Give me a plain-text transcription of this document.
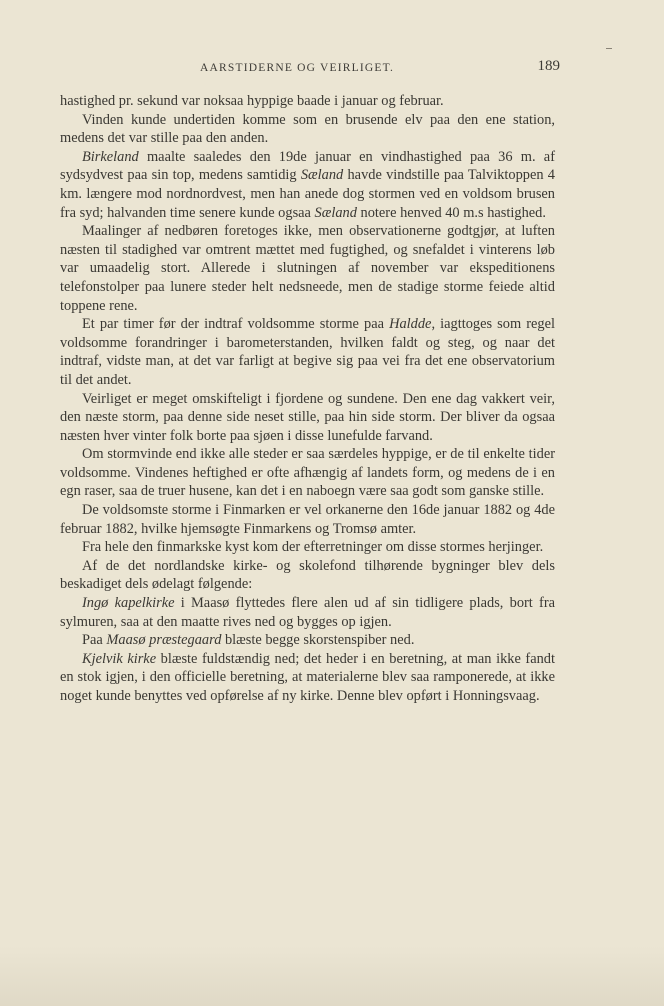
AARSTIDERNE OG VEIRLIGET.	189

hastighed pr. sekund var noksaa hyppige baade i januar og februar.

Vinden kunde undertiden komme som en brusende elv paa den ene station, medens det var stille paa den anden.

Birkeland maalte saaledes den 19de januar en vindhastighed paa 36 m. af sydsydvest paa sin top, medens samtidig Sæland havde vindstille paa Talviktoppen 4 km. længere mod nordnordvest, men han anede dog stormen ved en voldsom brusen fra syd; halvanden time senere kunde ogsaa Sæland notere henved 40 m.s hastighed.

Maalinger af nedbøren foretoges ikke, men observationerne godtgjør, at luften næsten til stadighed var omtrent mættet med fugtighed, og snefaldet i vinterens løb var umaadelig stort. Allerede i slutningen af november var ekspeditionens telefonstolper paa lunere steder helt nedsneede, men de stadige storme feiede altid toppene rene.

Et par timer før der indtraf voldsomme storme paa Haldde, iagttoges som regel voldsomme forandringer i barometerstanden, hvilken faldt og steg, og naar det indtraf, vidste man, at det var farligt at begive sig paa vei fra det ene observatorium til det andet.

Veirliget er meget omskifteligt i fjordene og sundene. Den ene dag vakkert veir, den næste storm, paa denne side neset stille, paa hin side storm. Der bliver da ogsaa næsten hver vinter folk borte paa sjøen i disse lunefulde farvand.

Om stormvinde end ikke alle steder er saa særdeles hyppige, er de til enkelte tider voldsomme. Vindenes heftighed er ofte afhængig af landets form, og medens de i en egn raser, saa de truer husene, kan det i en naboegn være saa godt som ganske stille.

De voldsomste storme i Finmarken er vel orkanerne den 16de januar 1882 og 4de februar 1882, hvilke hjemsøgte Finmarkens og Tromsø amter.

Fra hele den finmarkske kyst kom der efterretninger om disse stormes herjinger.

Af de det nordlandske kirke- og skolefond tilhørende bygninger blev dels beskadiget dels ødelagt følgende:

Ingø kapelkirke i Maasø flyttedes flere alen ud af sin tidligere plads, bort fra sylmuren, saa at den maatte rives ned og bygges op igjen.

Paa Maasø præstegaard blæste begge skorstenspiber ned.

Kjelvik kirke blæste fuldstændig ned; det heder i en beretning, at man ikke fandt en stok igjen, i den officielle beretning, at materialerne blev saa ramponerede, at ikke noget kunde benyttes ved opførelse af ny kirke. Denne blev opført i Honningsvaag.
